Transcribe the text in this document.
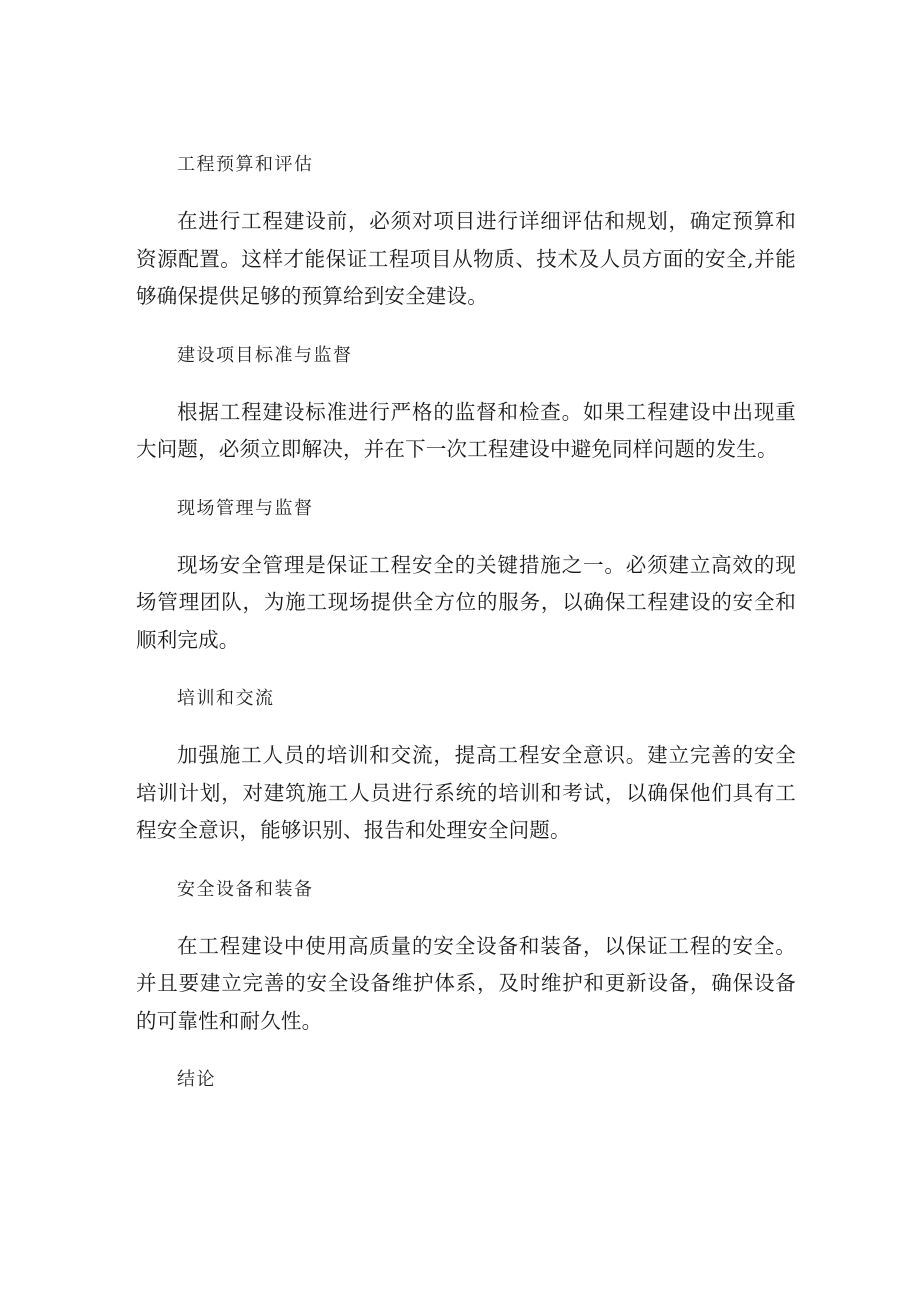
工程预算和评估

在进行工程建设前，必须对项目进行详细评估和规划，确定预算和资源配置。这样才能保证工程项目从物质、技术及人员方面的安全,并能够确保提供足够的预算给到安全建设。

建设项目标准与监督

根据工程建设标准进行严格的监督和检查。如果工程建设中出现重大问题，必须立即解决，并在下一次工程建设中避免同样问题的发生。

现场管理与监督

现场安全管理是保证工程安全的关键措施之一。必须建立高效的现场管理团队，为施工现场提供全方位的服务，以确保工程建设的安全和顺利完成。

培训和交流

加强施工人员的培训和交流，提高工程安全意识。建立完善的安全培训计划，对建筑施工人员进行系统的培训和考试，以确保他们具有工程安全意识，能够识别、报告和处理安全问题。

安全设备和装备

在工程建设中使用高质量的安全设备和装备，以保证工程的安全。并且要建立完善的安全设备维护体系，及时维护和更新设备，确保设备的可靠性和耐久性。

结论
